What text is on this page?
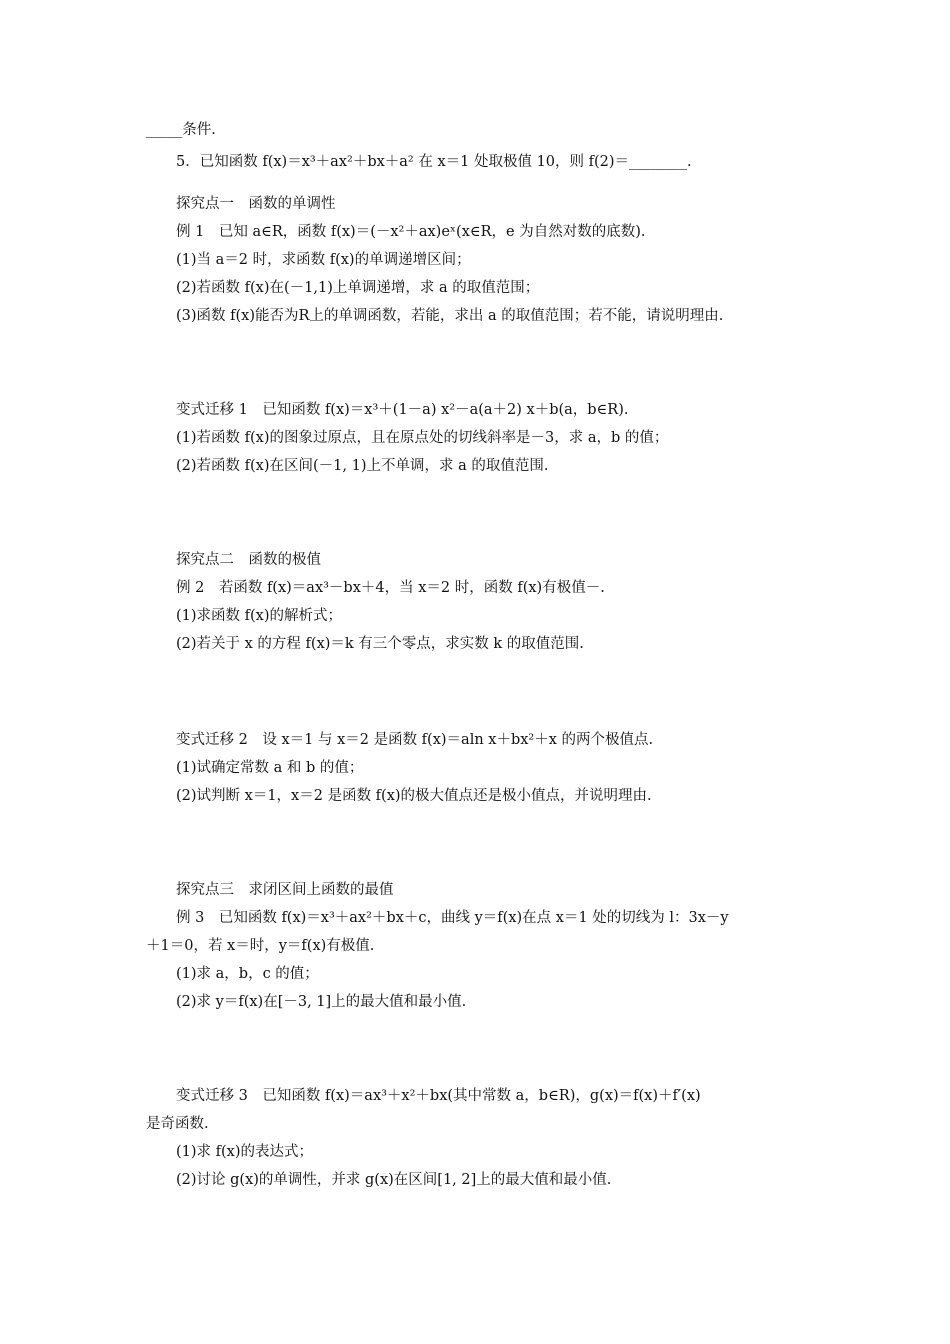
_____条件.
5．已知函数 f(x)＝x³＋ax²＋bx＋a² 在 x＝1 处取极值 10，则 f(2)＝________.
探究点一　函数的单调性
例 1　已知 a∈R，函数 f(x)＝(－x²＋ax)eˣ(x∈R，e 为自然对数的底数).
(1)当 a＝2 时，求函数 f(x)的单调递增区间；
(2)若函数 f(x)在(－1,1)上单调递增，求 a 的取值范围；
(3)函数 f(x)能否为R上的单调函数，若能，求出 a 的取值范围；若不能，请说明理由.
变式迁移 1　已知函数 f(x)＝x³＋(1－a) x²－a(a＋2) x＋b(a，b∈R).
(1)若函数 f(x)的图象过原点，且在原点处的切线斜率是－3，求 a，b 的值；
(2)若函数 f(x)在区间(－1, 1)上不单调，求 a 的取值范围.
探究点二　函数的极值
例 2　若函数 f(x)＝ax³－bx＋4，当 x＝2 时，函数 f(x)有极值－.
(1)求函数 f(x)的解析式；
(2)若关于 x 的方程 f(x)＝k 有三个零点，求实数 k 的取值范围.
变式迁移 2　设 x＝1 与 x＝2 是函数 f(x)＝aln x＋bx²＋x 的两个极值点.
(1)试确定常数 a 和 b 的值；
(2)试判断 x＝1，x＝2 是函数 f(x)的极大值点还是极小值点，并说明理由.
探究点三　求闭区间上函数的最值
例 3　已知函数 f(x)＝x³＋ax²＋bx＋c，曲线 y＝f(x)在点 x＝1 处的切线为 l：3x－y
＋1＝0，若 x＝时，y＝f(x)有极值.
(1)求 a，b，c 的值；
(2)求 y＝f(x)在[－3, 1]上的最大值和最小值.
变式迁移 3　已知函数 f(x)＝ax³＋x²＋bx(其中常数 a，b∈R)，g(x)＝f(x)＋f′(x)
是奇函数.
(1)求 f(x)的表达式；
(2)讨论 g(x)的单调性，并求 g(x)在区间[1, 2]上的最大值和最小值.
